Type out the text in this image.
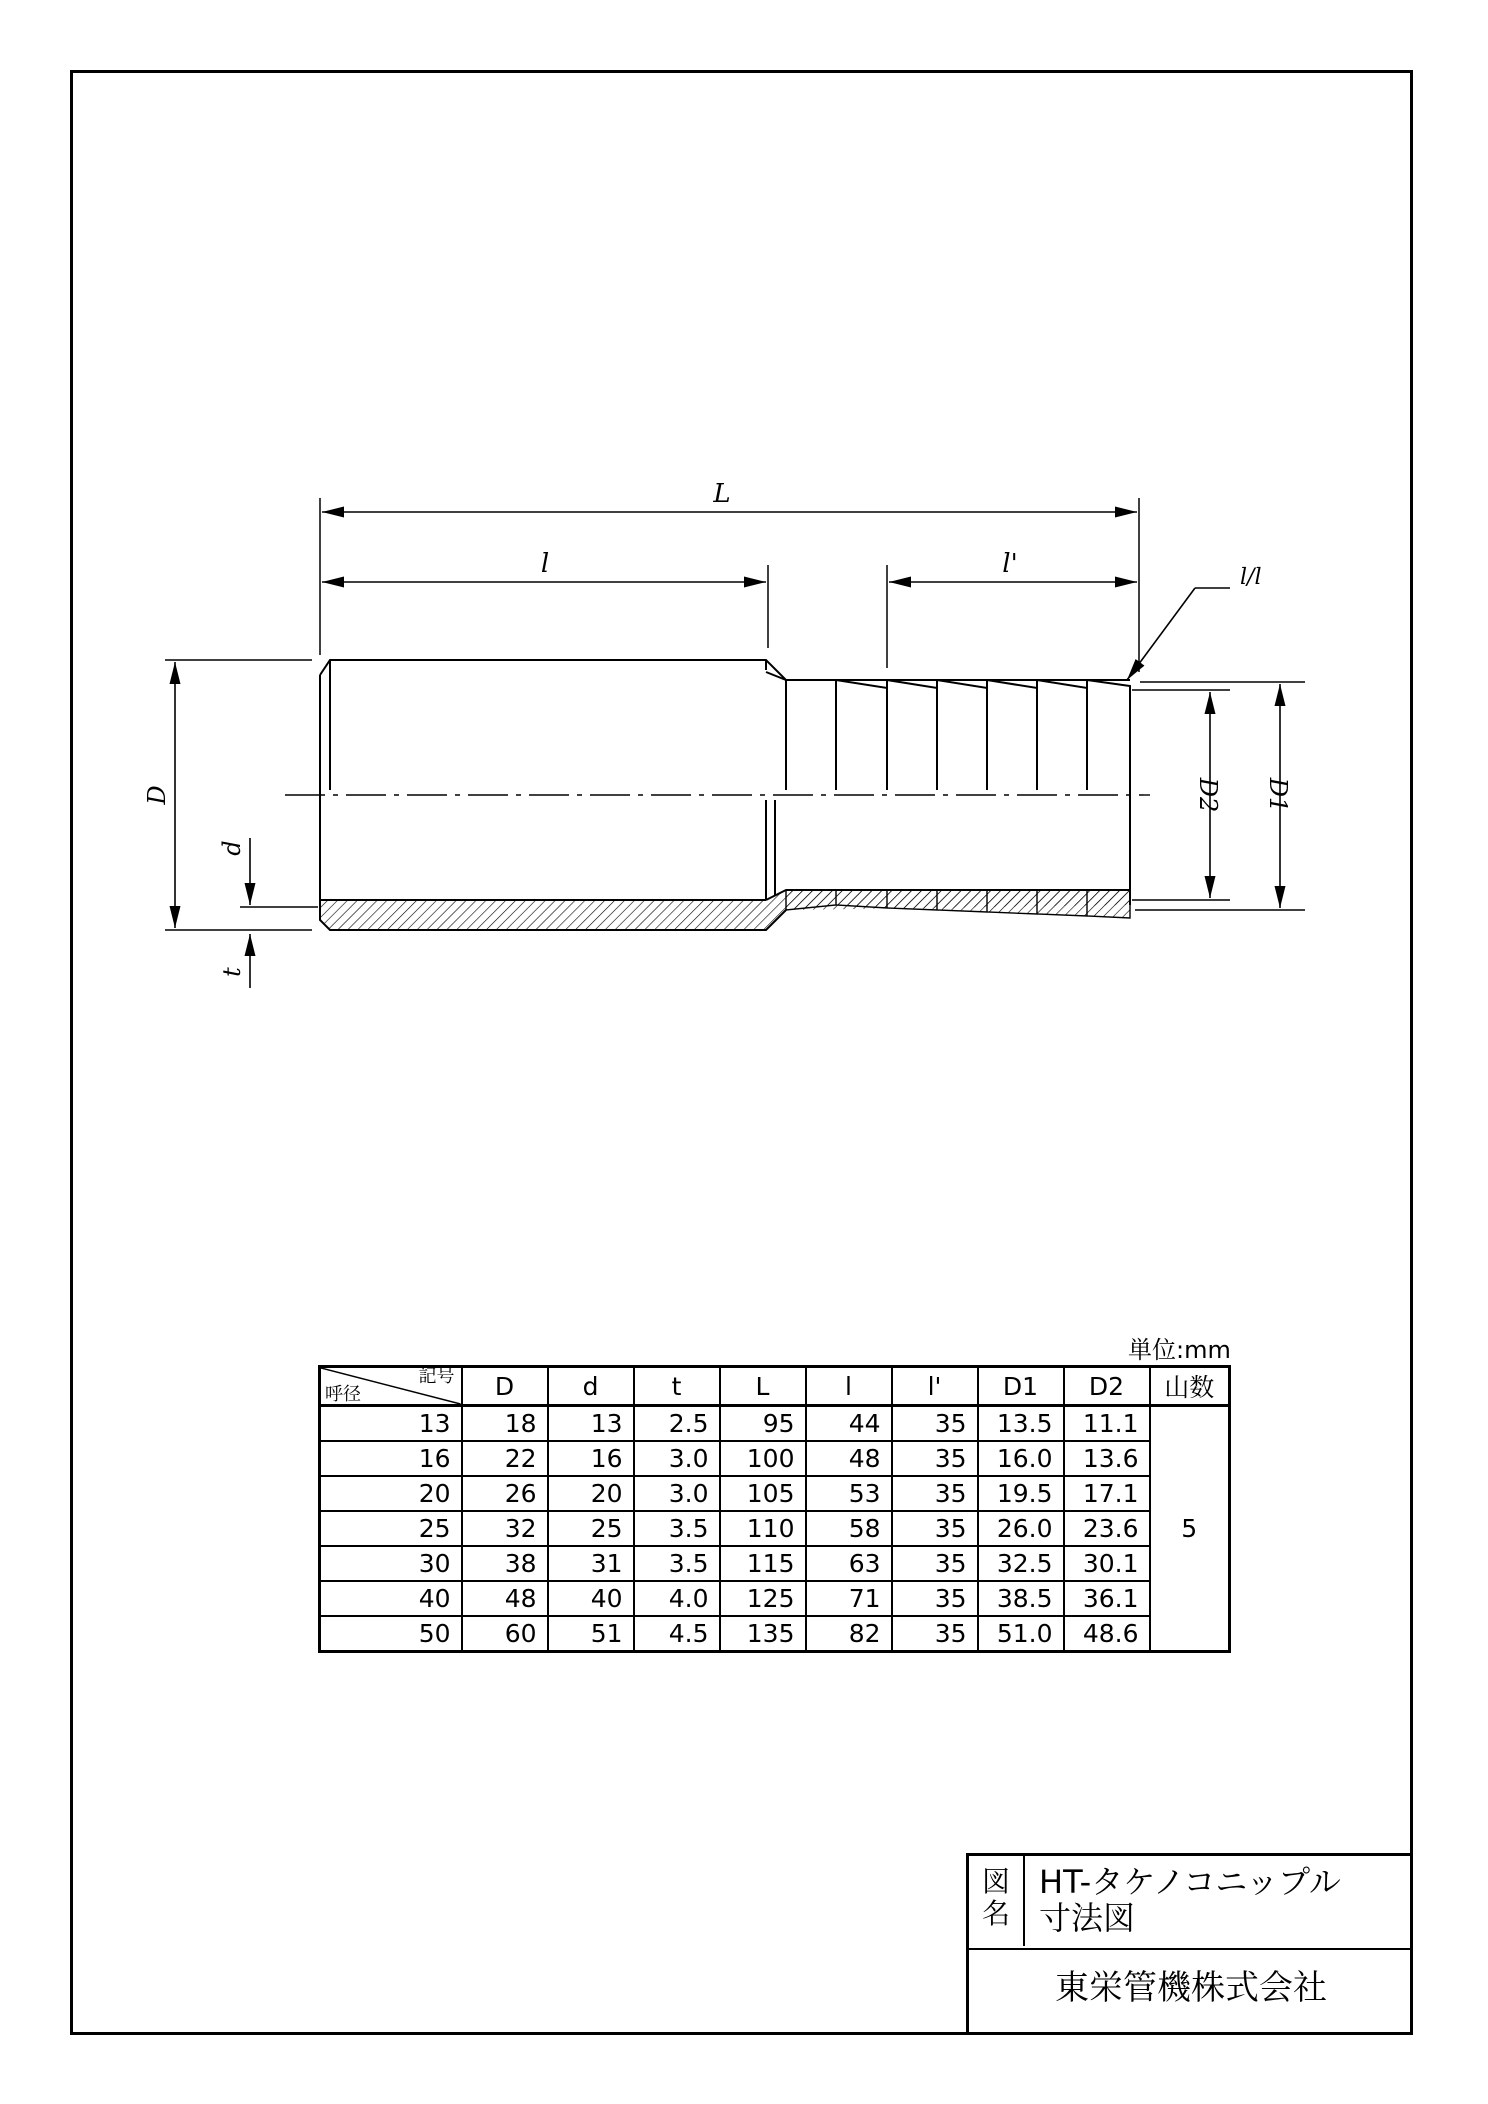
L
l	l'	l/l
D
d
t
D2 D1
単位:mm
記号
呼径	D	d	t	L	l	l'	D1	D2	山数
13	18	13	2.5	95	44	35	13.5	11.1	5
16	22	16	3.0	100	48	35	16.0	13.6	
20	26	20	3.0	105	53	35	19.5	17.1	
25	32	25	3.5	110	58	35	26.0	23.6	
30	38	31	3.5	115	63	35	32.5	30.1	
40	48	40	4.0	125	71	35	38.5	36.1	
50	60	51	4.5	135	82	35	51.0	48.6	
図
名
HT-タケノコニップル
寸法図
東栄管機株式会社
